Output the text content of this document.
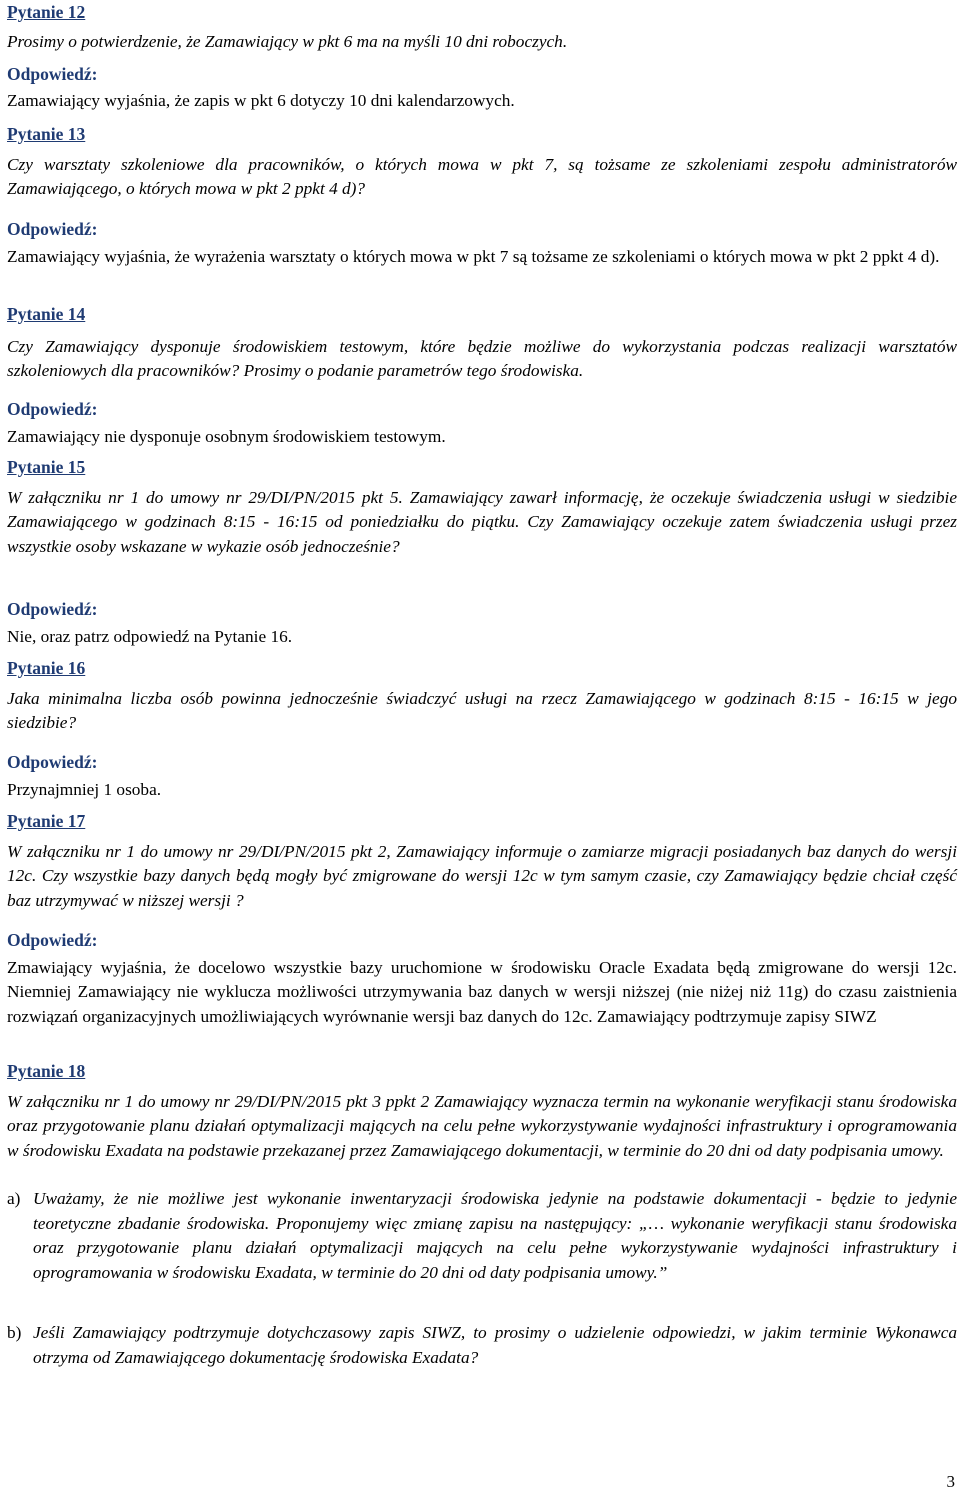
Pytanie 12
Prosimy o potwierdzenie, że Zamawiający w pkt 6 ma na myśli 10 dni roboczych.
Odpowiedź:
Zamawiający wyjaśnia, że zapis w pkt 6 dotyczy 10 dni kalendarzowych.
Pytanie 13
Czy warsztaty szkoleniowe dla pracowników, o których mowa w pkt 7, są tożsame ze szkoleniami zespołu administratorów Zamawiającego, o których mowa w pkt 2 ppkt 4 d)?
Odpowiedź:
Zamawiający wyjaśnia, że wyrażenia warsztaty o których mowa w pkt 7 są tożsame ze szkoleniami o których mowa w pkt 2 ppkt 4 d).
Pytanie 14
Czy Zamawiający dysponuje środowiskiem testowym, które będzie możliwe do wykorzystania podczas realizacji warsztatów szkoleniowych dla pracowników? Prosimy o podanie parametrów tego środowiska.
Odpowiedź:
Zamawiający nie dysponuje osobnym środowiskiem testowym.
Pytanie 15
W załączniku nr 1 do umowy nr 29/DI/PN/2015 pkt 5. Zamawiający zawarł informację, że oczekuje świadczenia usługi w siedzibie Zamawiającego w godzinach 8:15 - 16:15 od poniedziałku do piątku. Czy Zamawiający oczekuje zatem świadczenia usługi przez wszystkie osoby wskazane w wykazie osób jednocześnie?
Odpowiedź:
Nie, oraz patrz odpowiedź na Pytanie 16.
Pytanie 16
Jaka minimalna liczba osób powinna jednocześnie świadczyć usługi na rzecz Zamawiającego w godzinach 8:15 - 16:15 w jego siedzibie?
Odpowiedź:
Przynajmniej 1 osoba.
Pytanie 17
W załączniku nr 1 do umowy nr 29/DI/PN/2015 pkt 2, Zamawiający informuje o zamiarze migracji posiadanych baz danych do wersji 12c. Czy wszystkie bazy danych będą mogły być zmigrowane do wersji 12c w tym samym czasie, czy Zamawiający będzie chciał część baz utrzymywać w niższej wersji ?
Odpowiedź:
Zmawiający wyjaśnia, że docelowo wszystkie bazy uruchomione w środowisku Oracle Exadata będą zmigrowane do wersji 12c. Niemniej Zamawiający nie wyklucza możliwości utrzymywania baz danych w wersji niższej (nie niżej niż 11g) do czasu zaistnienia rozwiązań organizacyjnych umożliwiających wyrównanie wersji baz danych do 12c. Zamawiający podtrzymuje zapisy SIWZ
Pytanie 18
W załączniku nr 1 do umowy nr 29/DI/PN/2015 pkt 3 ppkt 2 Zamawiający wyznacza termin na wykonanie weryfikacji stanu środowiska oraz przygotowanie planu działań optymalizacji mających na celu pełne wykorzystywanie wydajności infrastruktury i oprogramowania w środowisku Exadata na podstawie przekazanej przez Zamawiającego dokumentacji, w terminie do 20 dni od daty podpisania umowy.
a) Uważamy, że nie możliwe jest wykonanie inwentaryzacji środowiska jedynie na podstawie dokumentacji - będzie to jedynie teoretyczne zbadanie środowiska. Proponujemy więc zmianę zapisu na następujący: „… wykonanie weryfikacji stanu środowiska oraz przygotowanie planu działań optymalizacji mających na celu pełne wykorzystywanie wydajności infrastruktury i oprogramowania w środowisku Exadata, w terminie do 20 dni od daty podpisania umowy.”
b) Jeśli Zamawiający podtrzymuje dotychczasowy zapis SIWZ, to prosimy o udzielenie odpowiedzi, w jakim terminie Wykonawca otrzyma od Zamawiającego dokumentację środowiska Exadata?
3
